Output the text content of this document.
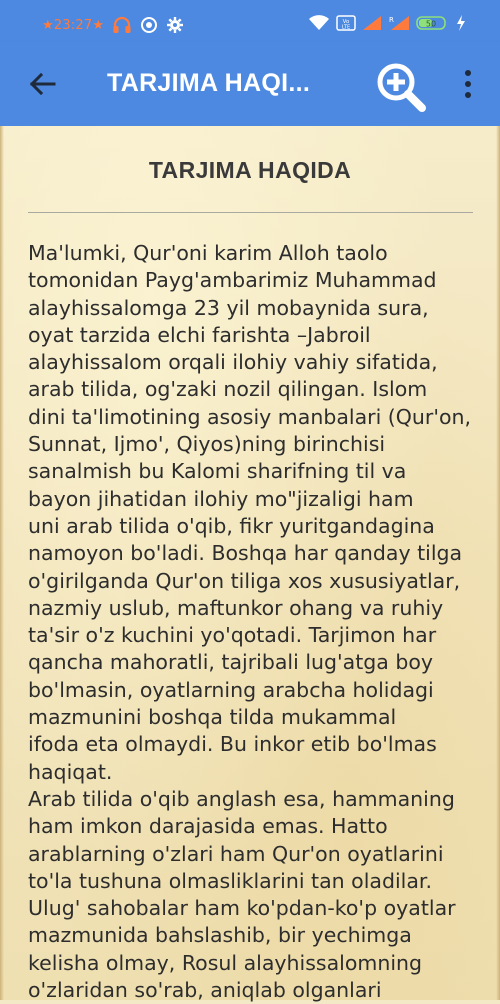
★23:27★	Vo
LTE
R	50
TARJIMA HAQI...
TARJIMA HAQIDA

Ma'lumki, Qur'oni karim Alloh taolo
tomonidan Payg'ambarimiz Muhammad
alayhissalomga 23 yil mobaynida sura,
oyat tarzida elchi farishta –Jabroil
alayhissalom orqali ilohiy vahiy sifatida,
arab tilida, og'zaki nozil qilingan. Islom
dini ta'limotining asosiy manbalari (Qur'on,
Sunnat, Ijmo', Qiyos)ning birinchisi
sanalmish bu Kalomi sharifning til va
bayon jihatidan ilohiy mo"jizaligi ham
uni arab tilida o'qib, fikr yuritgandagina
namoyon bo'ladi. Boshqa har qanday tilga
o'girilganda Qur'on tiliga xos xususiyatlar,
nazmiy uslub, maftunkor ohang va ruhiy
ta'sir o'z kuchini yo'qotadi. Tarjimon har
qancha mahoratli, tajribali lug'atga boy
bo'lmasin, oyatlarning arabcha holidagi
mazmunini boshqa tilda mukammal
ifoda eta olmaydi. Bu inkor etib bo'lmas
haqiqat.
Arab tilida o'qib anglash esa, hammaning
ham imkon darajasida emas. Hatto
arablarning o'zlari ham Qur'on oyatlarini
to'la tushuna olmasliklarini tan oladilar.
Ulug' sahobalar ham ko'pdan-ko'p oyatlar
mazmunida bahslashib, bir yechimga
kelisha olmay, Rosul alayhissalomning
o'zlaridan so'rab, aniqlab olganlari
